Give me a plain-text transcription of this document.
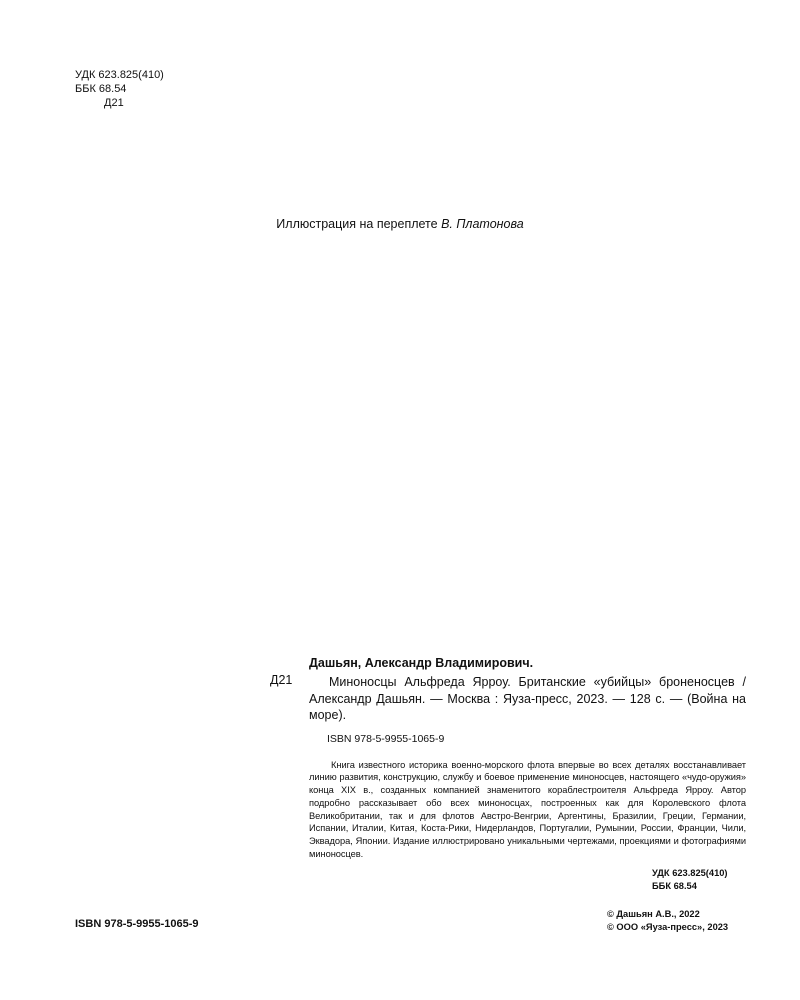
УДК 623.825(410)
ББК 68.54
Д21
Иллюстрация на переплете В. Платонова
Д21
Дашьян, Александр Владимирович.
Миноносцы Альфреда Ярроу. Британские «убийцы» броненосцев / Александр Дашьян. — Москва : Яуза-пресс, 2023. — 128 с. — (Война на море).
ISBN 978-5-9955-1065-9
Книга известного историка военно-морского флота впервые во всех деталях восстанавливает линию развития, конструкцию, службу и боевое применение миноносцев, настоящего «чудо-оружия» конца XIX в., созданных компанией знаменитого кораблестроителя Альфреда Ярроу. Автор подробно рассказывает обо всех миноносцах, построенных как для Королевского флота Великобритании, так и для флотов Австро-Венгрии, Аргентины, Бразилии, Греции, Германии, Испании, Италии, Китая, Коста-Рики, Нидерландов, Португалии, Румынии, России, Франции, Чили, Эквадора, Японии. Издание иллюстрировано уникальными чертежами, проекциями и фотографиями миноносцев.
УДК 623.825(410)
ББК 68.54
ISBN 978-5-9955-1065-9
© Дашьян А.В., 2022
© ООО «Яуза-пресс», 2023
